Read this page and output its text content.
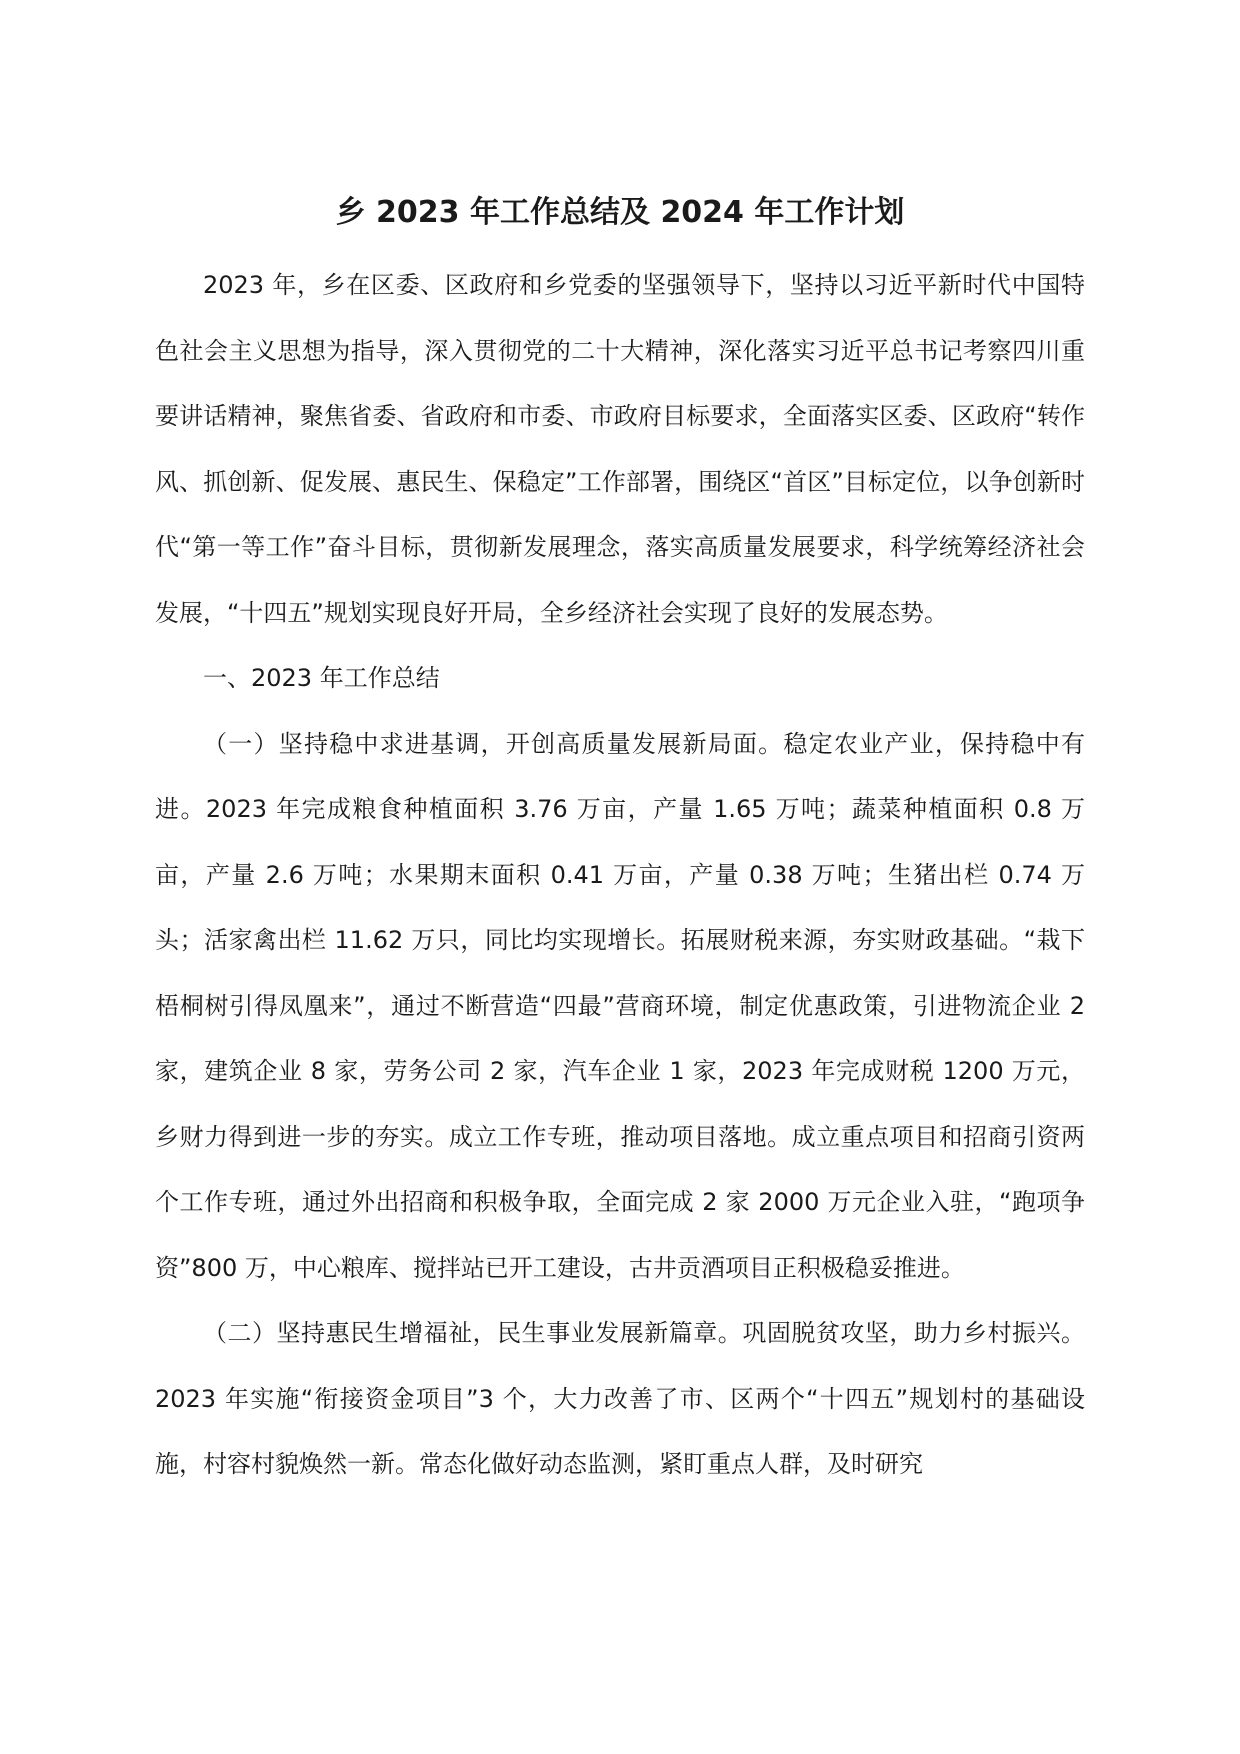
乡 2023 年工作总结及 2024 年工作计划

2023 年，乡在区委、区政府和乡党委的坚强领导下，坚持以习近平新时代中国特色社会主义思想为指导，深入贯彻党的二十大精神，深化落实习近平总书记考察四川重要讲话精神，聚焦省委、省政府和市委、市政府目标要求，全面落实区委、区政府“转作风、抓创新、促发展、惠民生、保稳定”工作部署，围绕区“首区”目标定位，以争创新时代“第一等工作”奋斗目标，贯彻新发展理念，落实高质量发展要求，科学统筹经济社会发展，“十四五”规划实现良好开局，全乡经济社会实现了良好的发展态势。

一、2023 年工作总结

（一）坚持稳中求进基调，开创高质量发展新局面。稳定农业产业，保持稳中有进。2023 年完成粮食种植面积 3.76 万亩，产量 1.65 万吨；蔬菜种植面积 0.8 万亩，产量 2.6 万吨；水果期末面积 0.41 万亩，产量 0.38 万吨；生猪出栏 0.74 万头；活家禽出栏 11.62 万只，同比均实现增长。拓展财税来源，夯实财政基础。“栽下梧桐树引得凤凰来”，通过不断营造“四最”营商环境，制定优惠政策，引进物流企业 2 家，建筑企业 8 家，劳务公司 2 家，汽车企业 1 家，2023 年完成财税 1200 万元，乡财力得到进一步的夯实。成立工作专班，推动项目落地。成立重点项目和招商引资两个工作专班，通过外出招商和积极争取，全面完成 2 家 2000 万元企业入驻，“跑项争资”800 万，中心粮库、搅拌站已开工建设，古井贡酒项目正积极稳妥推进。

（二）坚持惠民生增福祉，民生事业发展新篇章。巩固脱贫攻坚，助力乡村振兴。2023 年实施“衔接资金项目”3 个，大力改善了市、区两个“十四五”规划村的基础设施，村容村貌焕然一新。常态化做好动态监测，紧盯重点人群，及时研究
